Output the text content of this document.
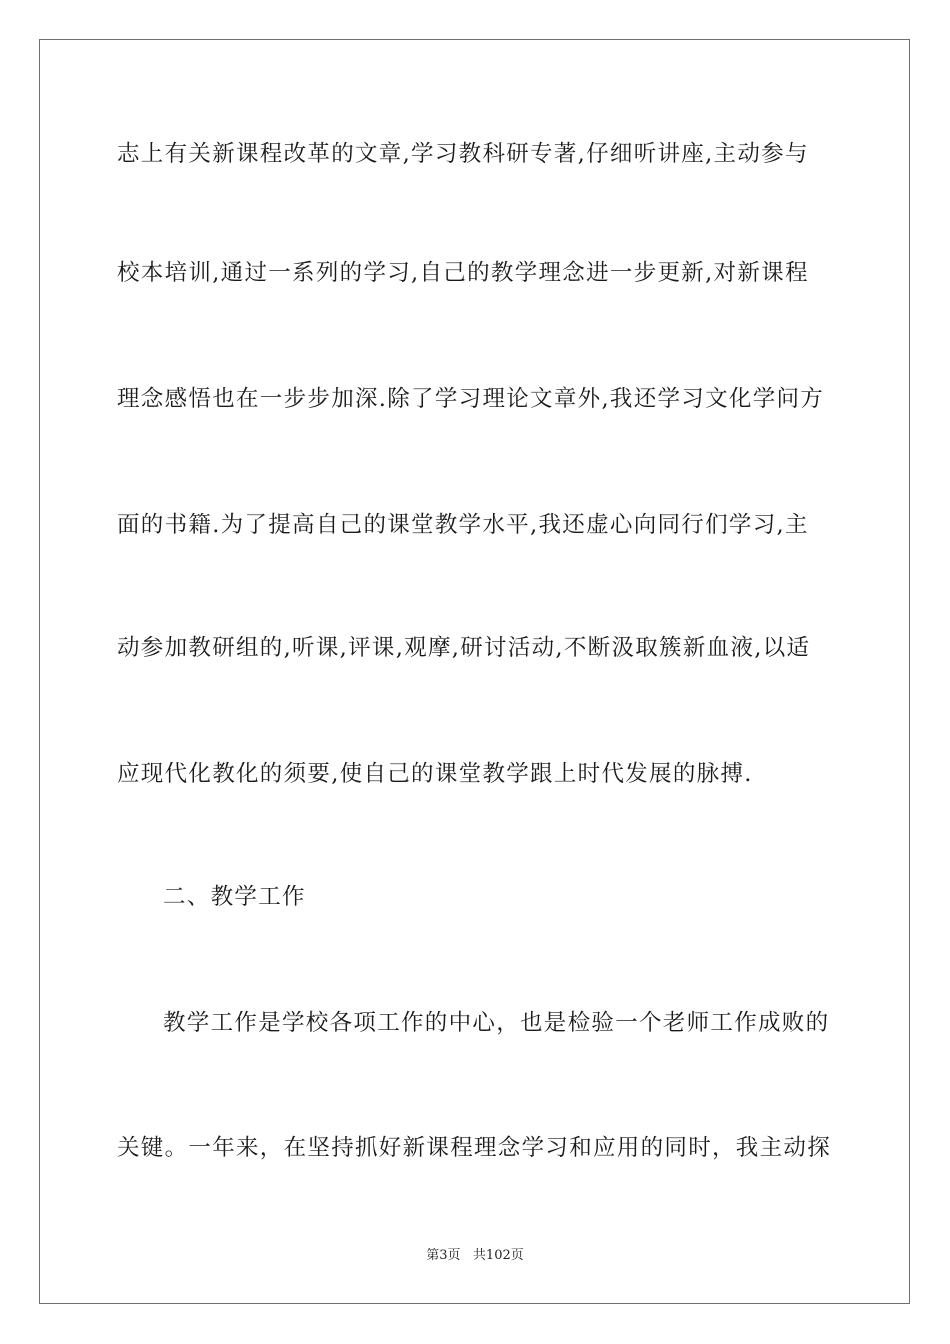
志上有关新课程改革的文章,学习教科研专著,仔细听讲座,主动参与
校本培训,通过一系列的学习,自己的教学理念进一步更新,对新课程
理念感悟也在一步步加深.除了学习理论文章外,我还学习文化学问方
面的书籍.为了提高自己的课堂教学水平,我还虚心向同行们学习,主
动参加教研组的,听课,评课,观摩,研讨活动,不断汲取簇新血液,以适
应现代化教化的须要,使自己的课堂教学跟上时代发展的脉搏.
二、教学工作
教学工作是学校各项工作的中心，也是检验一个老师工作成败的
关键。一年来，在坚持抓好新课程理念学习和应用的同时，我主动探
第3页 共102页
